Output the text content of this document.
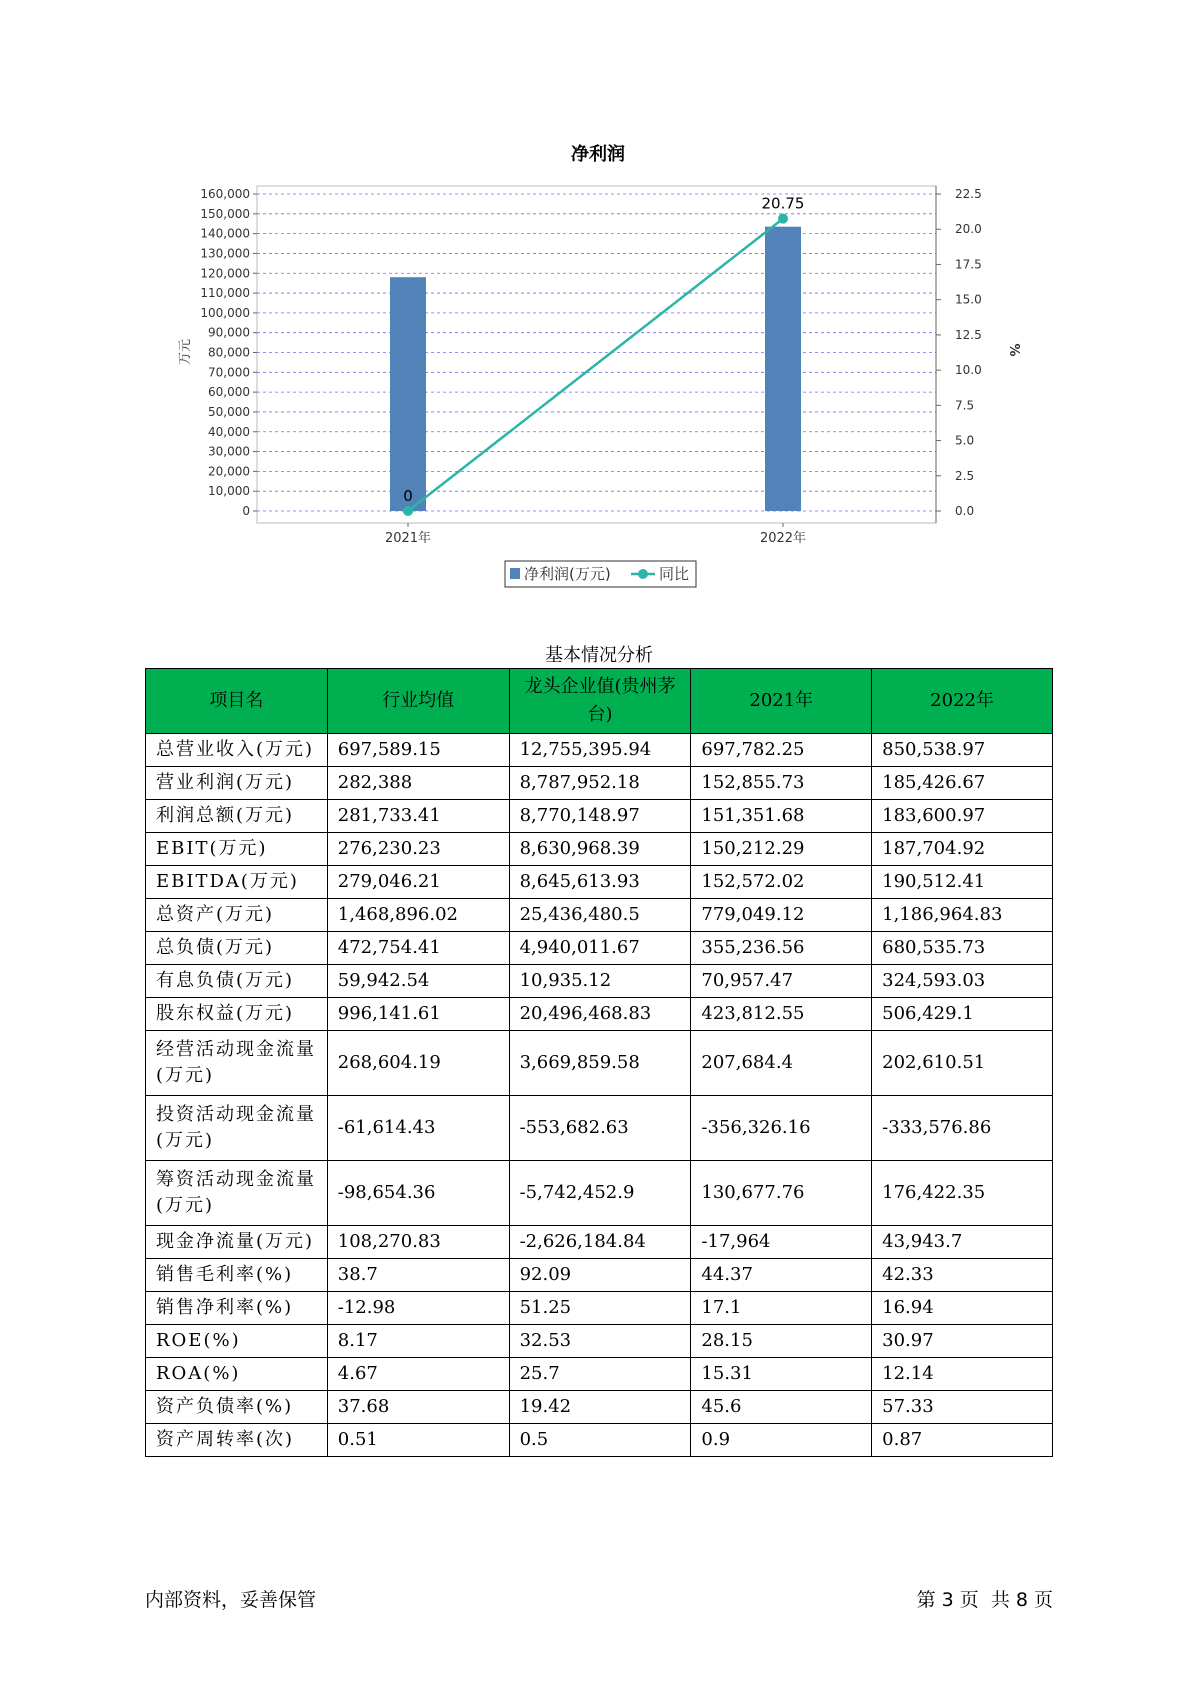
净利润
0
10,000
20,000
30,000
40,000
50,000
60,000
70,000
80,000
90,000
100,000
110,000
120,000
130,000
140,000
150,000
160,000
0.0
2.5
5.0
7.5
10.0
12.5
15.0
17.5
20.0
22.5
0
20.75
2021年	2022年
万元	%
净利润(万元)	同比
基本情况分析
项目名	行业均值	龙头企业值(贵州茅台)	2021年	2022年
总营业收入(万元)	697,589.15	12,755,395.94	697,782.25	850,538.97
营业利润(万元)	282,388	8,787,952.18	152,855.73	185,426.67
利润总额(万元)	281,733.41	8,770,148.97	151,351.68	183,600.97
EBIT(万元)	276,230.23	8,630,968.39	150,212.29	187,704.92
EBITDA(万元)	279,046.21	8,645,613.93	152,572.02	190,512.41
总资产(万元)	1,468,896.02	25,436,480.5	779,049.12	1,186,964.83
总负债(万元)	472,754.41	4,940,011.67	355,236.56	680,535.73
有息负债(万元)	59,942.54	10,935.12	70,957.47	324,593.03
股东权益(万元)	996,141.61	20,496,468.83	423,812.55	506,429.1
经营活动现金流量(万元)	268,604.19	3,669,859.58	207,684.4	202,610.51
投资活动现金流量(万元)	-61,614.43	-553,682.63	-356,326.16	-333,576.86
筹资活动现金流量(万元)	-98,654.36	-5,742,452.9	130,677.76	176,422.35
现金净流量(万元)	108,270.83	-2,626,184.84	-17,964	43,943.7
销售毛利率(%)	38.7	92.09	44.37	42.33
销售净利率(%)	-12.98	51.25	17.1	16.94
ROE(%)	8.17	32.53	28.15	30.97
ROA(%)	4.67	25.7	15.31	12.14
资产负债率(%)	37.68	19.42	45.6	57.33
资产周转率(次)	0.51	0.5	0.9	0.87
内部资料，妥善保管	第 3 页  共 8 页
